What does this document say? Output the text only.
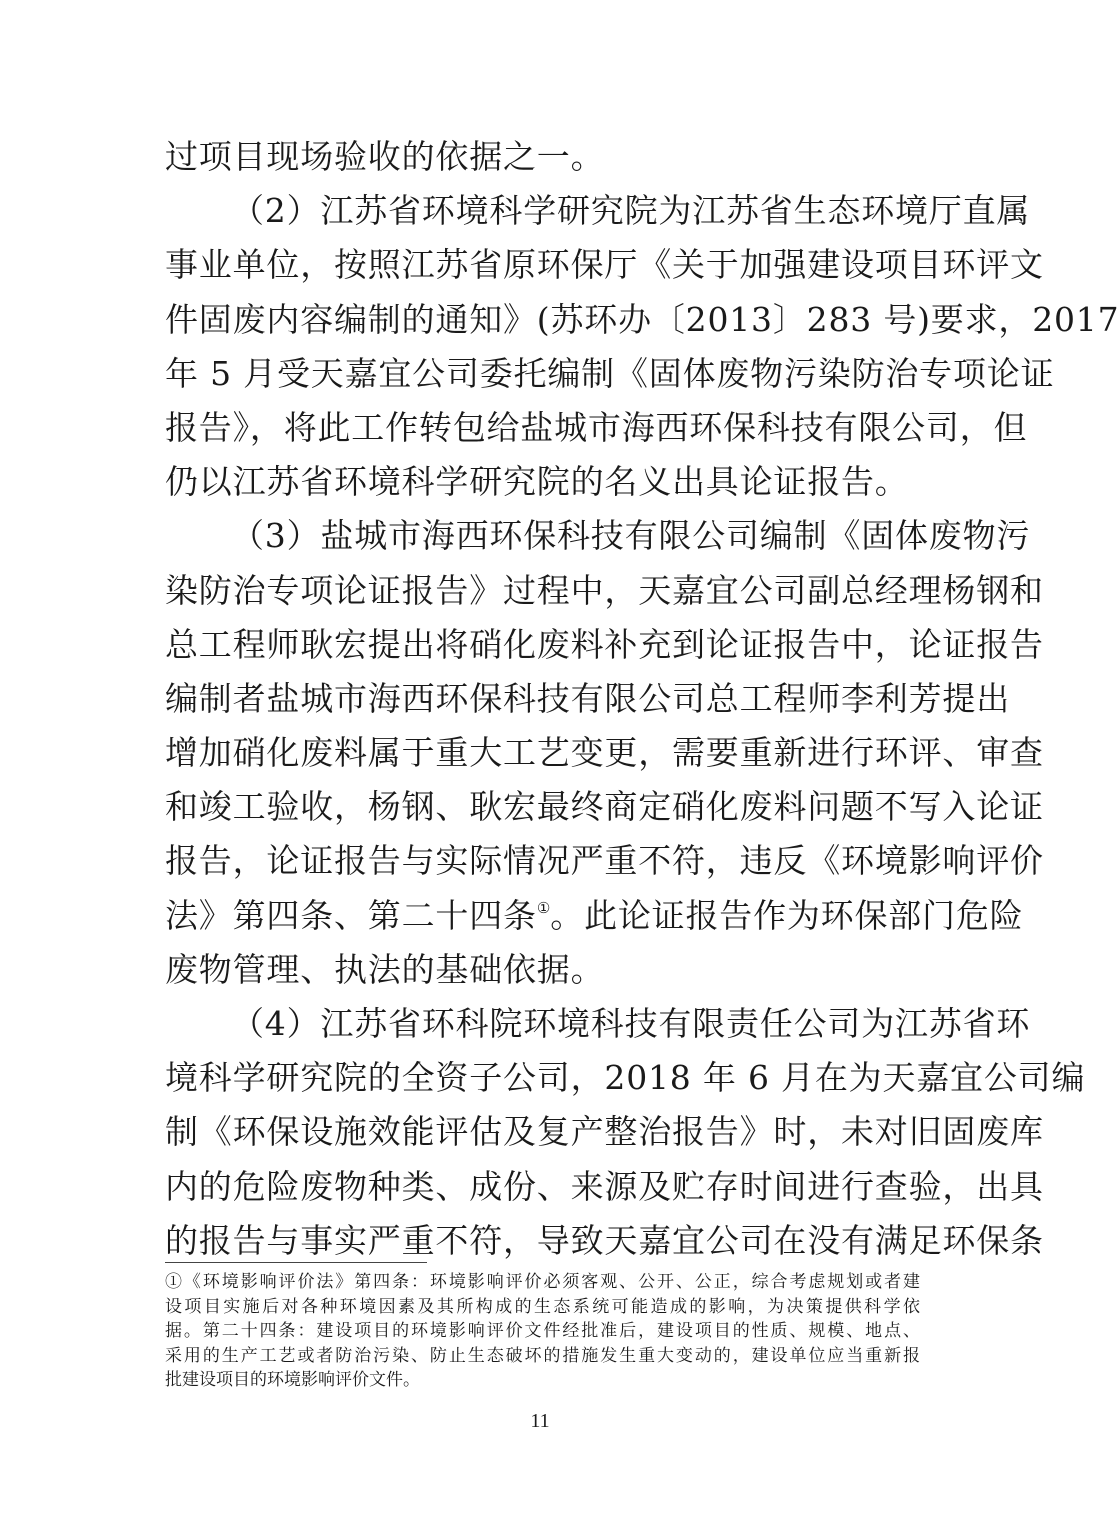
过项目现场验收的依据之一。
（2）江苏省环境科学研究院为江苏省生态环境厅直属
事业单位，按照江苏省原环保厅《关于加强建设项目环评文
件固废内容编制的通知》(苏环办〔2013〕283 号)要求，2017
年 5 月受天嘉宜公司委托编制《固体废物污染防治专项论证
报告》，将此工作转包给盐城市海西环保科技有限公司，但
仍以江苏省环境科学研究院的名义出具论证报告。
（3）盐城市海西环保科技有限公司编制《固体废物污
染防治专项论证报告》过程中，天嘉宜公司副总经理杨钢和
总工程师耿宏提出将硝化废料补充到论证报告中，论证报告
编制者盐城市海西环保科技有限公司总工程师李利芳提出
增加硝化废料属于重大工艺变更，需要重新进行环评、审查
和竣工验收，杨钢、耿宏最终商定硝化废料问题不写入论证
报告，论证报告与实际情况严重不符，违反《环境影响评价
法》第四条、第二十四条①。此论证报告作为环保部门危险
废物管理、执法的基础依据。
（4）江苏省环科院环境科技有限责任公司为江苏省环
境科学研究院的全资子公司，2018 年 6 月在为天嘉宜公司编
制《环保设施效能评估及复产整治报告》时，未对旧固废库
内的危险废物种类、成份、来源及贮存时间进行查验，出具
的报告与事实严重不符，导致天嘉宜公司在没有满足环保条
①《环境影响评价法》第四条：环境影响评价必须客观、公开、公正，综合考虑规划或者建
设项目实施后对各种环境因素及其所构成的生态系统可能造成的影响，为决策提供科学依
据。第二十四条：建设项目的环境影响评价文件经批准后，建设项目的性质、规模、地点、
采用的生产工艺或者防治污染、防止生态破坏的措施发生重大变动的，建设单位应当重新报
批建设项目的环境影响评价文件。
11
